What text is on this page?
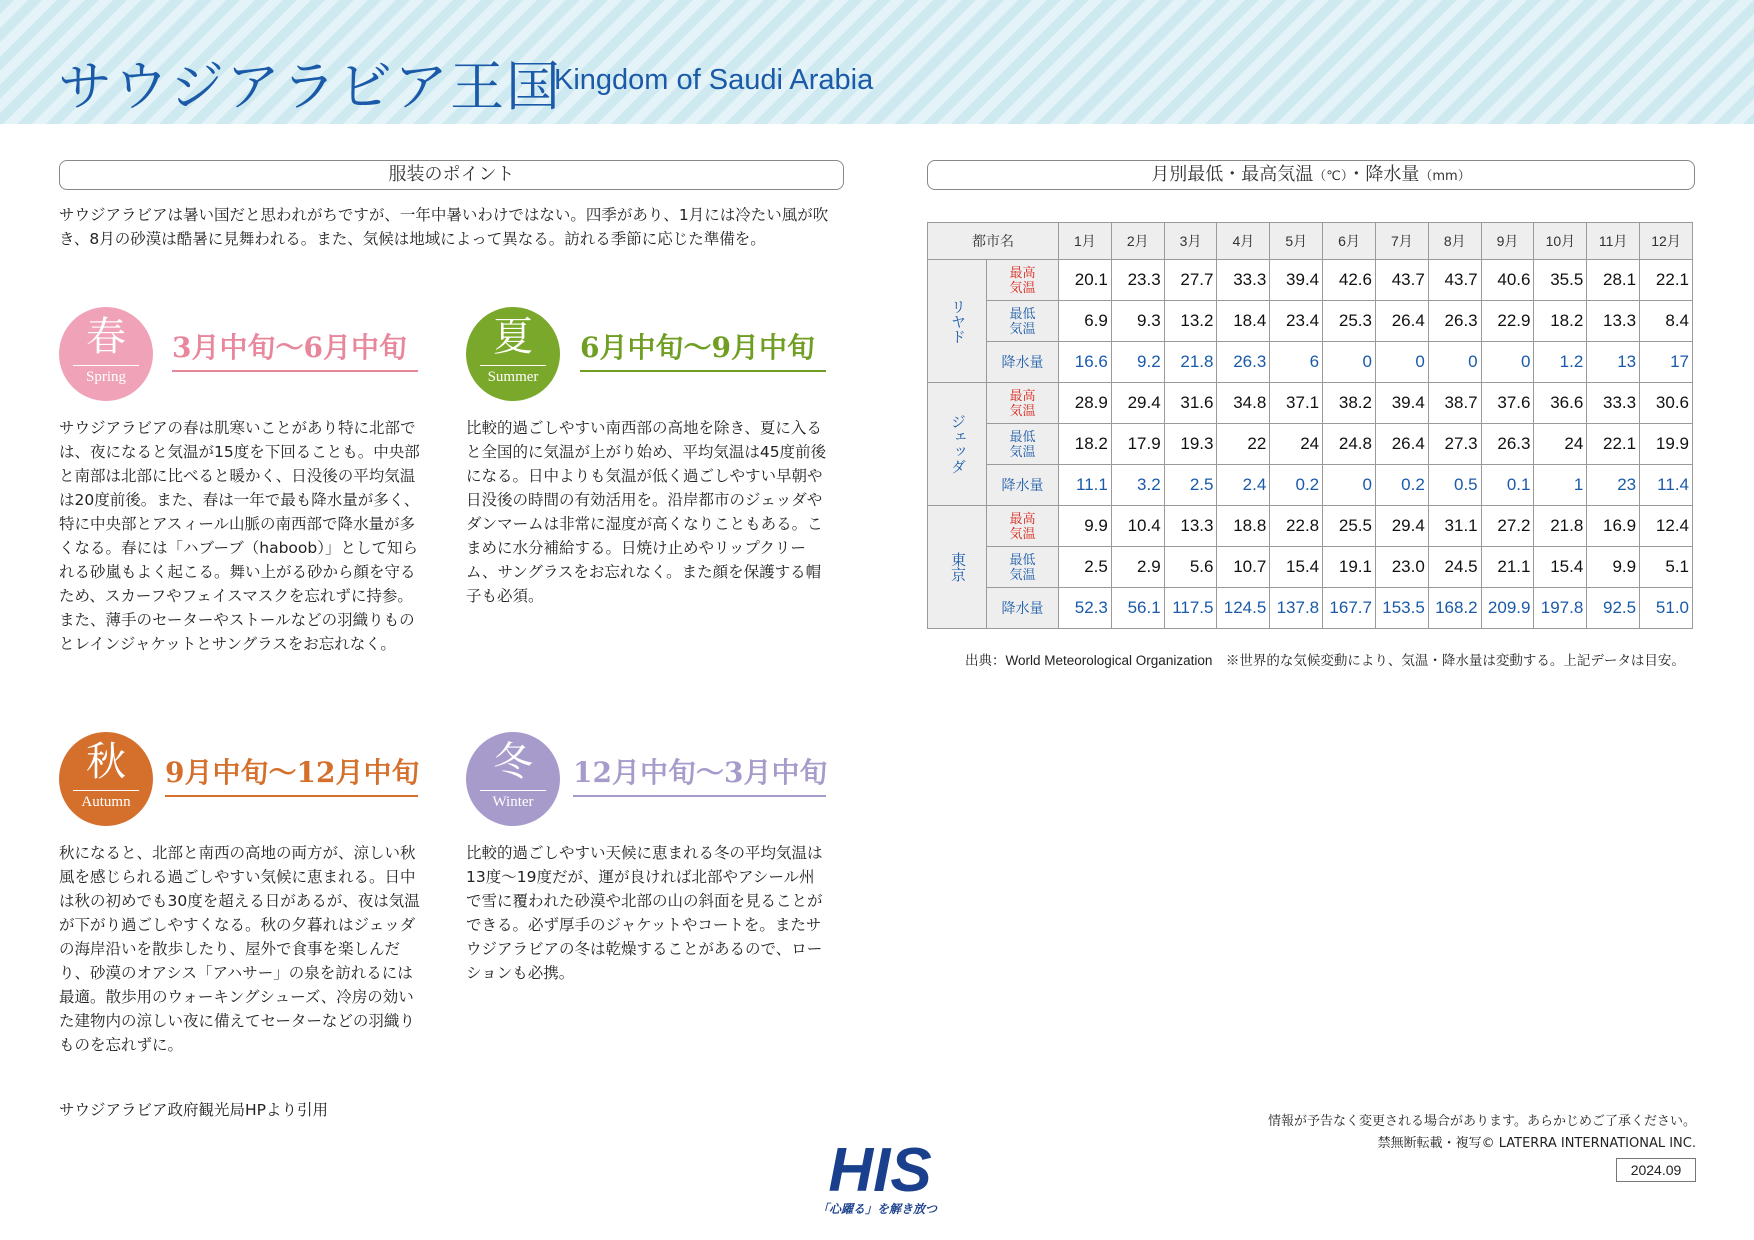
サウジアラビア王国
Kingdom of Saudi Arabia
服装のポイント
サウジアラビアは暑い国だと思われがちですが、一年中暑いわけではない。四季があり、1月には冷たい風が吹き、8月の砂漠は酷暑に見舞われる。また、気候は地域によって異なる。訪れる季節に応じた準備を。
春
Spring
3月中旬〜6月中旬
サウジアラビアの春は肌寒いことがあり特に北部では、夜になると気温が15度を下回ることも。中央部と南部は北部に比べると暖かく、日没後の平均気温は20度前後。また、春は一年で最も降水量が多く、特に中央部とアスィール山脈の南西部で降水量が多くなる。春には「ハブーブ（haboob）」として知られる砂嵐もよく起こる。舞い上がる砂から顔を守るため、スカーフやフェイスマスクを忘れずに持参。また、薄手のセーターやストールなどの羽織りものとレインジャケットとサングラスをお忘れなく。
夏
Summer
6月中旬〜9月中旬
比較的過ごしやすい南西部の高地を除き、夏に入ると全国的に気温が上がり始め、平均気温は45度前後になる。日中よりも気温が低く過ごしやすい早朝や日没後の時間の有効活用を。沿岸都市のジェッダやダンマームは非常に湿度が高くなりこともある。こまめに水分補給する。日焼け止めやリップクリーム、サングラスをお忘れなく。また顔を保護する帽子も必須。
秋
Autumn
9月中旬〜12月中旬
秋になると、北部と南西の高地の両方が、涼しい秋風を感じられる過ごしやすい気候に恵まれる。日中は秋の初めでも30度を超える日があるが、夜は気温が下がり過ごしやすくなる。秋の夕暮れはジェッダの海岸沿いを散歩したり、屋外で食事を楽しんだり、砂漠のオアシス「アハサー」の泉を訪れるには最適。散歩用のウォーキングシューズ、冷房の効いた建物内の涼しい夜に備えてセーターなどの羽織りものを忘れずに。
冬
Winter
12月中旬〜3月中旬
比較的過ごしやすい天候に恵まれる冬の平均気温は13度〜19度だが、運が良ければ北部やアシール州で雪に覆われた砂漠や北部の山の斜面を見ることができる。必ず厚手のジャケットやコートを。またサウジアラビアの冬は乾燥することがあるので、ローションも必携。
月別最低・最高気温（℃）・降水量（mm）
都市名		1月	2月	3月	4月	5月	6月	7月	8月	9月	10月	11月	12月
リヤド	最高
気温	20.1	23.3	27.7	33.3	39.4	42.6	43.7	43.7	40.6	35.5	28.1	22.1

	最低
気温	6.9	9.3	13.2	18.4	23.4	25.3	26.4	26.3	22.9	18.2	13.3	8.4
	降水量	16.6	9.2	21.8	26.3	6	0	0	0	0	1.2	13	17
ジェッダ	最高
気温	28.9	29.4	31.6	34.8	37.1	38.2	39.4	38.7	37.6	36.6	33.3	30.6

	最低
気温	18.2	17.9	19.3	22	24	24.8	26.4	27.3	26.3	24	22.1	19.9
	降水量	11.1	3.2	2.5	2.4	0.2	0	0.2	0.5	0.1	1	23	11.4
東京	最高
気温	9.9	10.4	13.3	18.8	22.8	25.5	29.4	31.1	27.2	21.8	16.9	12.4

	最低
気温	2.5	2.9	5.6	10.7	15.4	19.1	23.0	24.5	21.1	15.4	9.9	5.1
	降水量	52.3	56.1	117.5	124.5	137.8	167.7	153.5	168.2	209.9	197.8	92.5	51.0
出典：World Meteorological Organization　※世界的な気候変動により、気温・降水量は変動する。上記データは目安。
サウジアラビア政府観光局HPより引用
情報が予告なく変更される場合があります。あらかじめご了承ください。
禁無断転載・複写© LATERRA INTERNATIONAL INC.
2024.09
HIS
「心躍る」を解き放つ
